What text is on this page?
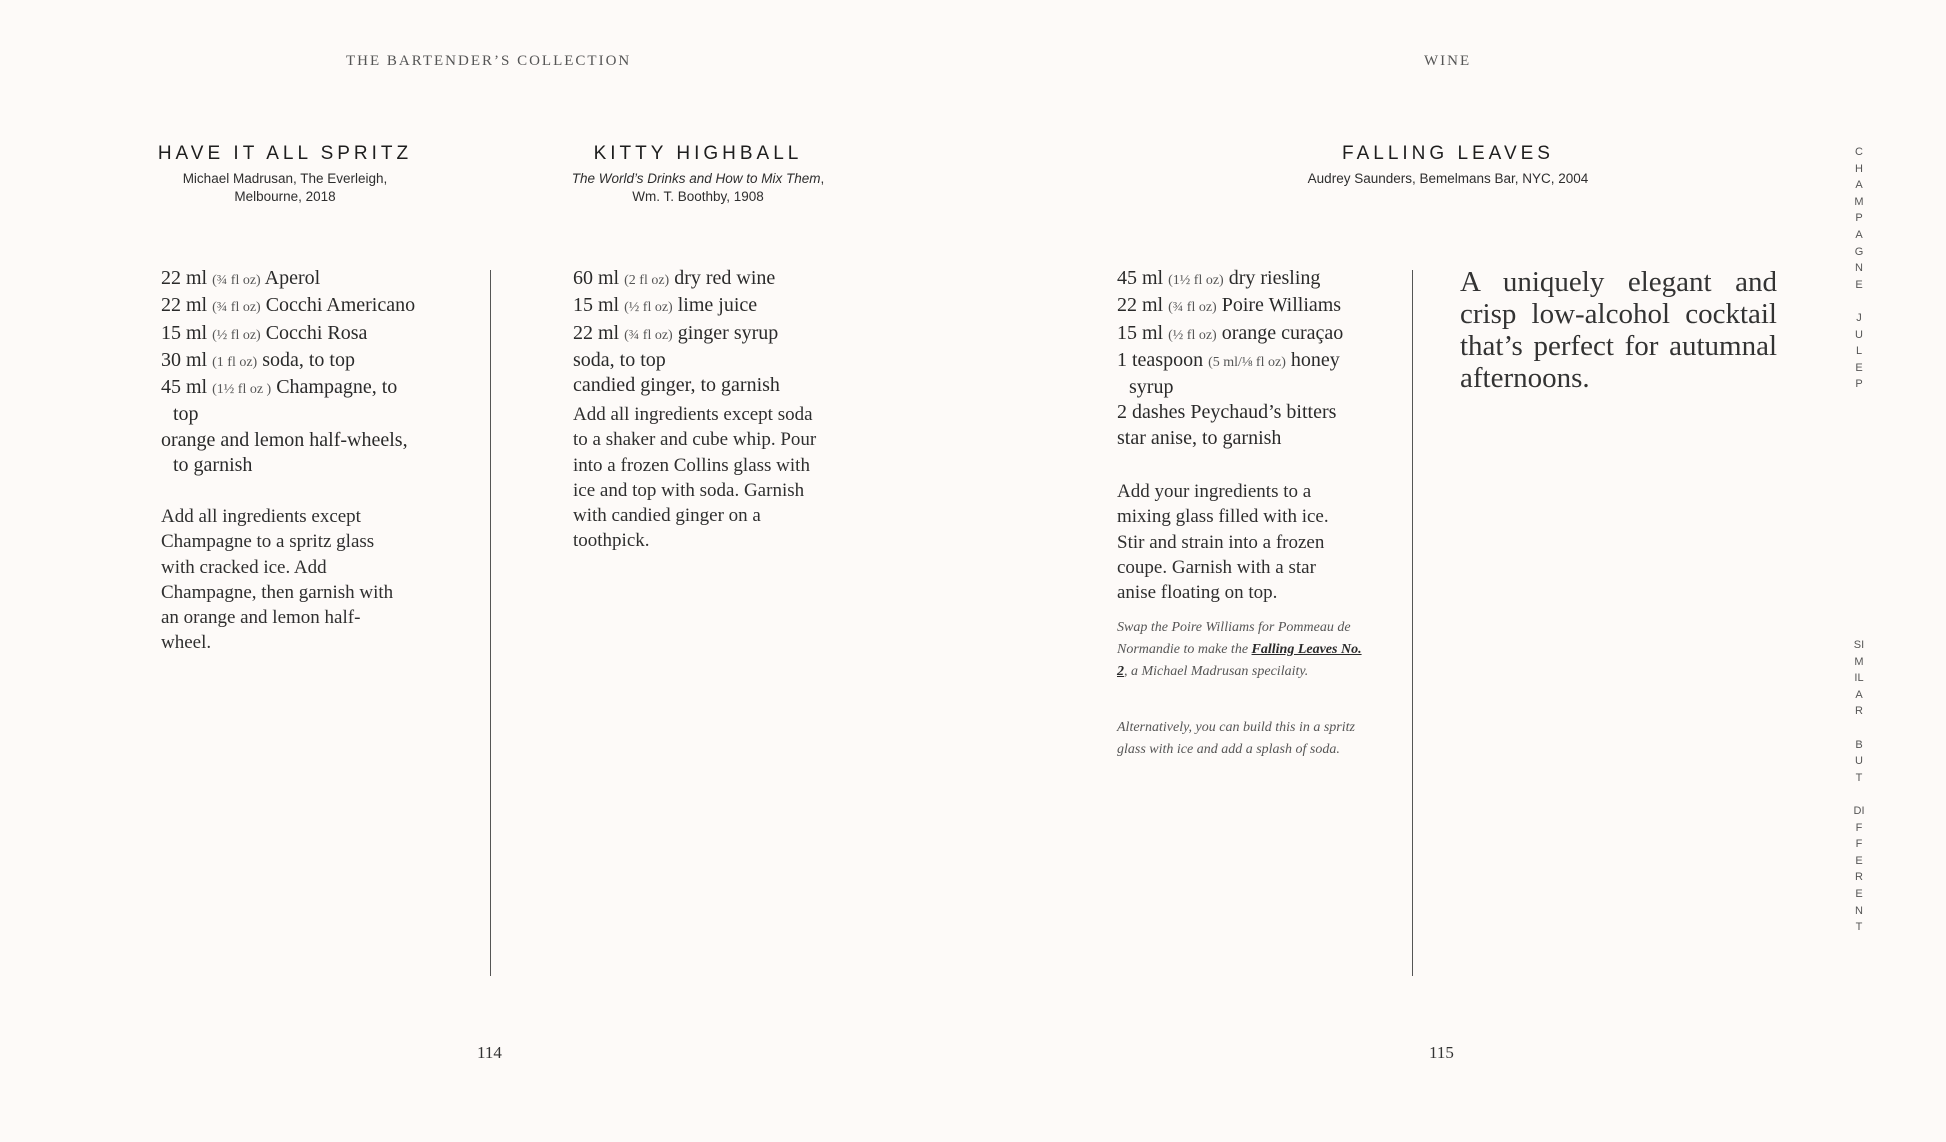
THE BARTENDER’S COLLECTION	WINE
HAVE IT ALL SPRITZ
Michael Madrusan, The Everleigh,
Melbourne, 2018
22 ml (¾ fl oz) Aperol
22 ml (¾ fl oz) Cocchi Americano
15 ml (½ fl oz) Cocchi Rosa
30 ml (1 fl oz) soda, to top
45 ml (1½ fl oz ) Champagne, to top
orange and lemon half-wheels, to garnish
Add all ingredients except Champagne to a spritz glass with cracked ice. Add Champagne, then garnish with an orange and lemon half-wheel.
KITTY HIGHBALL
The World’s Drinks and How to Mix Them, Wm. T. Boothby, 1908
60 ml (2 fl oz) dry red wine
15 ml (½ fl oz) lime juice
22 ml (¾ fl oz) ginger syrup
soda, to top
candied ginger, to garnish
Add all ingredients except soda to a shaker and cube whip. Pour into a frozen Collins glass with ice and top with soda. Garnish with candied ginger on a toothpick.
FALLING LEAVES
Audrey Saunders, Bemelmans Bar, NYC, 2004
45 ml (1½ fl oz) dry riesling
22 ml (¾ fl oz) Poire Williams
15 ml (½ fl oz) orange curaçao
1 teaspoon (5 ml/⅛ fl oz) honey syrup
2 dashes Peychaud’s bitters
star anise, to garnish
Add your ingredients to a mixing glass filled with ice. Stir and strain into a frozen coupe. Garnish with a star anise floating on top.
Swap the Poire Williams for Pommeau de Normandie to make the Falling Leaves No. 2, a Michael Madrusan specilaity.
Alternatively, you can build this in a spritz glass with ice and add a splash of soda.
A uniquely elegant and crisp low-alcohol cocktail that’s perfect for autumnal afternoons.
CHAMPAGNE
JULEP
SIMILAR
BUT
DIFFERENT
114	115
